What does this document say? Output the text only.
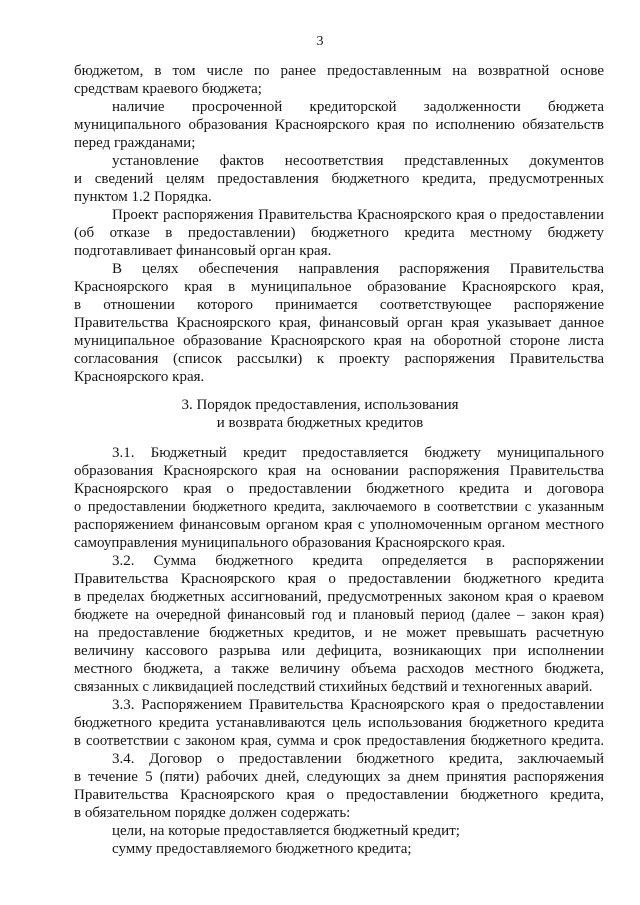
3
бюджетом, в том числе по ранее предоставленным на возвратной основе
средствам краевого бюджета;
наличие просроченной кредиторской задолженности бюджета
муниципального образования Красноярского края по исполнению обязательств
перед гражданами;
установление фактов несоответствия представленных документов
и сведений целям предоставления бюджетного кредита, предусмотренных
пунктом 1.2 Порядка.
Проект распоряжения Правительства Красноярского края о предоставлении
(об отказе в предоставлении) бюджетного кредита местному бюджету
подготавливает финансовый орган края.
В целях обеспечения направления распоряжения Правительства
Красноярского края в муниципальное образование Красноярского края,
в отношении которого принимается соответствующее распоряжение
Правительства Красноярского края, финансовый орган края указывает данное
муниципальное образование Красноярского края на оборотной стороне листа
согласования (список рассылки) к проекту распоряжения Правительства
Красноярского края.
3. Порядок предоставления, использования
и возврата бюджетных кредитов
3.1. Бюджетный кредит предоставляется бюджету муниципального
образования Красноярского края на основании распоряжения Правительства
Красноярского края о предоставлении бюджетного кредита и договора
о предоставлении бюджетного кредита, заключаемого в соответствии с указанным
распоряжением финансовым органом края с уполномоченным органом местного
самоуправления муниципального образования Красноярского края.
3.2. Сумма бюджетного кредита определяется в распоряжении
Правительства Красноярского края о предоставлении бюджетного кредита
в пределах бюджетных ассигнований, предусмотренных законом края о краевом
бюджете на очередной финансовый год и плановый период (далее – закон края)
на предоставление бюджетных кредитов, и не может превышать расчетную
величину кассового разрыва или дефицита, возникающих при исполнении
местного бюджета, а также величину объема расходов местного бюджета,
связанных с ликвидацией последствий стихийных бедствий и техногенных аварий.
3.3. Распоряжением Правительства Красноярского края о предоставлении
бюджетного кредита устанавливаются цель использования бюджетного кредита
в соответствии с законом края, сумма и срок предоставления бюджетного кредита.
3.4. Договор о предоставлении бюджетного кредита, заключаемый
в течение 5 (пяти) рабочих дней, следующих за днем принятия распоряжения
Правительства Красноярского края о предоставлении бюджетного кредита,
в обязательном порядке должен содержать:
цели, на которые предоставляется бюджетный кредит;
сумму предоставляемого бюджетного кредита;
